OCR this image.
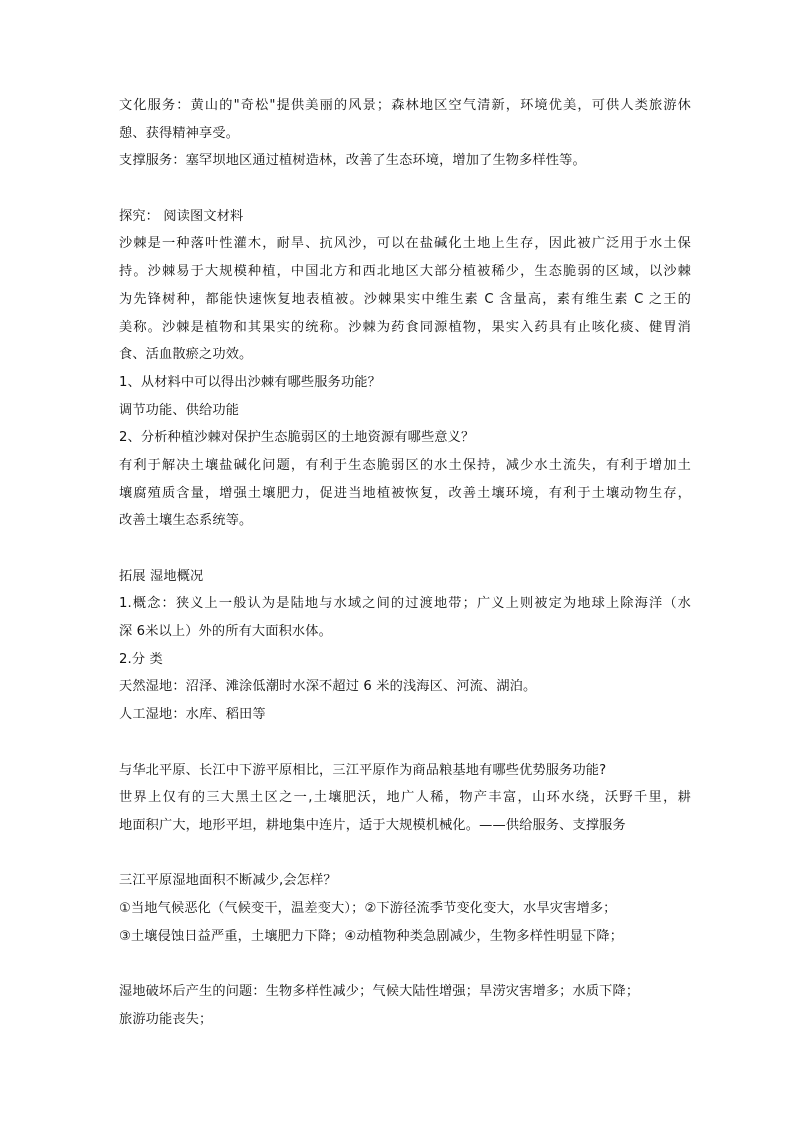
文化服务：黄山的"奇松"提供美丽的风景；森林地区空气清新，环境优美，可供人类旅游休
憩、获得精神享受。
支撑服务：塞罕坝地区通过植树造林，改善了生态环境，增加了生物多样性等。
探究： 阅读图文材料
沙棘是一种落叶性灌木，耐旱、抗风沙，可以在盐碱化土地上生存，因此被广泛用于水土保
持。沙棘易于大规模种植，中国北方和西北地区大部分植被稀少，生态脆弱的区域，以沙棘
为先锋树种，都能快速恢复地表植被。沙棘果实中维生素 C 含量高，素有维生素 C 之王的
美称。沙棘是植物和其果实的统称。沙棘为药食同源植物，果实入药具有止咳化痰、健胃消
食、活血散瘀之功效。
1、从材料中可以得出沙棘有哪些服务功能？
调节功能、供给功能
2、分析种植沙棘对保护生态脆弱区的土地资源有哪些意义？
有利于解决土壤盐碱化问题，有利于生态脆弱区的水土保持，减少水土流失，有利于增加土
壤腐殖质含量，增强土壤肥力，促进当地植被恢复，改善土壤环境，有利于土壤动物生存，
改善土壤生态系统等。
拓展 湿地概况
1.概念：狭义上一般认为是陆地与水域之间的过渡地带；广义上则被定为地球上除海洋（水
深 6米以上）外的所有大面积水体。
2.分 类
天然湿地：沼泽、滩涂低潮时水深不超过 6 米的浅海区、河流、湖泊。
人工湿地：水库、稻田等
与华北平原、长江中下游平原相比，三江平原作为商品粮基地有哪些优势服务功能?
世界上仅有的三大黑土区之一,土壤肥沃，地广人稀，物产丰富，山环水绕，沃野千里，耕
地面积广大，地形平坦，耕地集中连片，适于大规模机械化。——供给服务、支撑服务
三江平原湿地面积不断减少,会怎样？
①当地气候恶化（气候变干，温差变大）；②下游径流季节变化变大，水旱灾害增多；
③土壤侵蚀日益严重，土壤肥力下降；④动植物种类急剧减少，生物多样性明显下降；
湿地破坏后产生的问题：生物多样性减少；气候大陆性增强；旱涝灾害增多；水质下降；
旅游功能丧失；
